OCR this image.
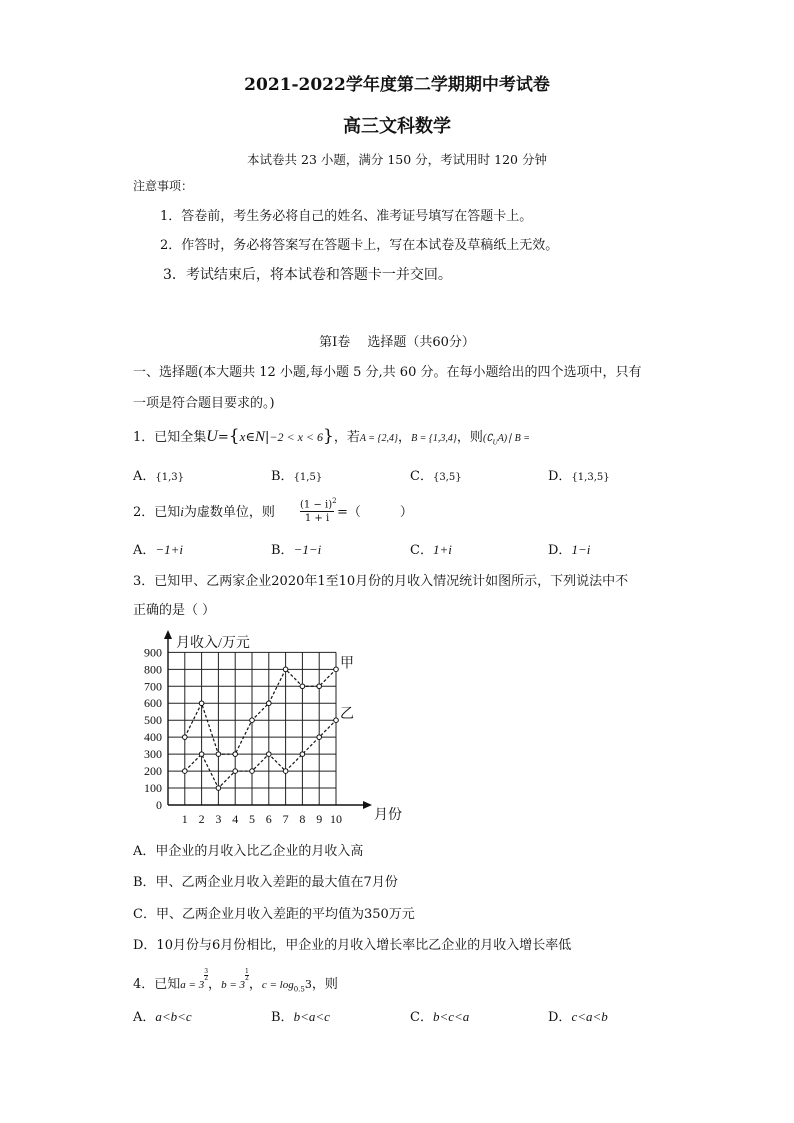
2021-2022学年度第二学期期中考试卷
高三文科数学
本试卷共 23 小题，满分 150 分，考试用时 120 分钟
注意事项：
1．答卷前，考生务必将自己的姓名、准考证号填写在答题卡上。
2．作答时，务必将答案写在答题卡上，写在本试卷及草稿纸上无效。
3．考试结束后，将本试卷和答题卡一并交回。
第Ⅰ卷　 选择题（共60分）
一、选择题(本大题共 12 小题,每小题 5 分,共 60 分。在每小题给出的四个选项中，只有
一项是符合题目要求的。)
1．已知全集U={x∈N|−2 < x < 6}，若A = {2,4}，B = {1,3,4}，则$(∁_UA)∣$ B =
A．{1,3}	B．{1,5}	C．{3,5}	D．{1,3,5}
2．已知i为虚数单位，则	$\frac{(1 - i)^2}{1 + i}$ =（　　　）
A．−1+i	B．−1−i	C．1+i	D．1−i
3．已知甲、乙两家企业2020年1至10月份的月收入情况统计如图所示，下列说法中不
正确的是（ ）
0
100
200
300
400
500
600
700
800
900
1 2 3 4 5 6 7 8 9 10
月收入/万元
月份
甲
乙
A．甲企业的月收入比乙企业的月收入高
B．甲、乙两企业月收入差距的最大值在7月份
C．甲、乙两企业月收入差距的平均值为350万元
D．10月份与6月份相比，甲企业的月收入增长率比乙企业的月收入增长率低
4．已知a = 3
$^{\frac{3}{2}}$
，b = 3
$^{\frac{1}{2}}$
，$c = \log_{0.5}3$，则
A．a<b<c	B．b<a<c	C．b<c<a	D．c<a<b
